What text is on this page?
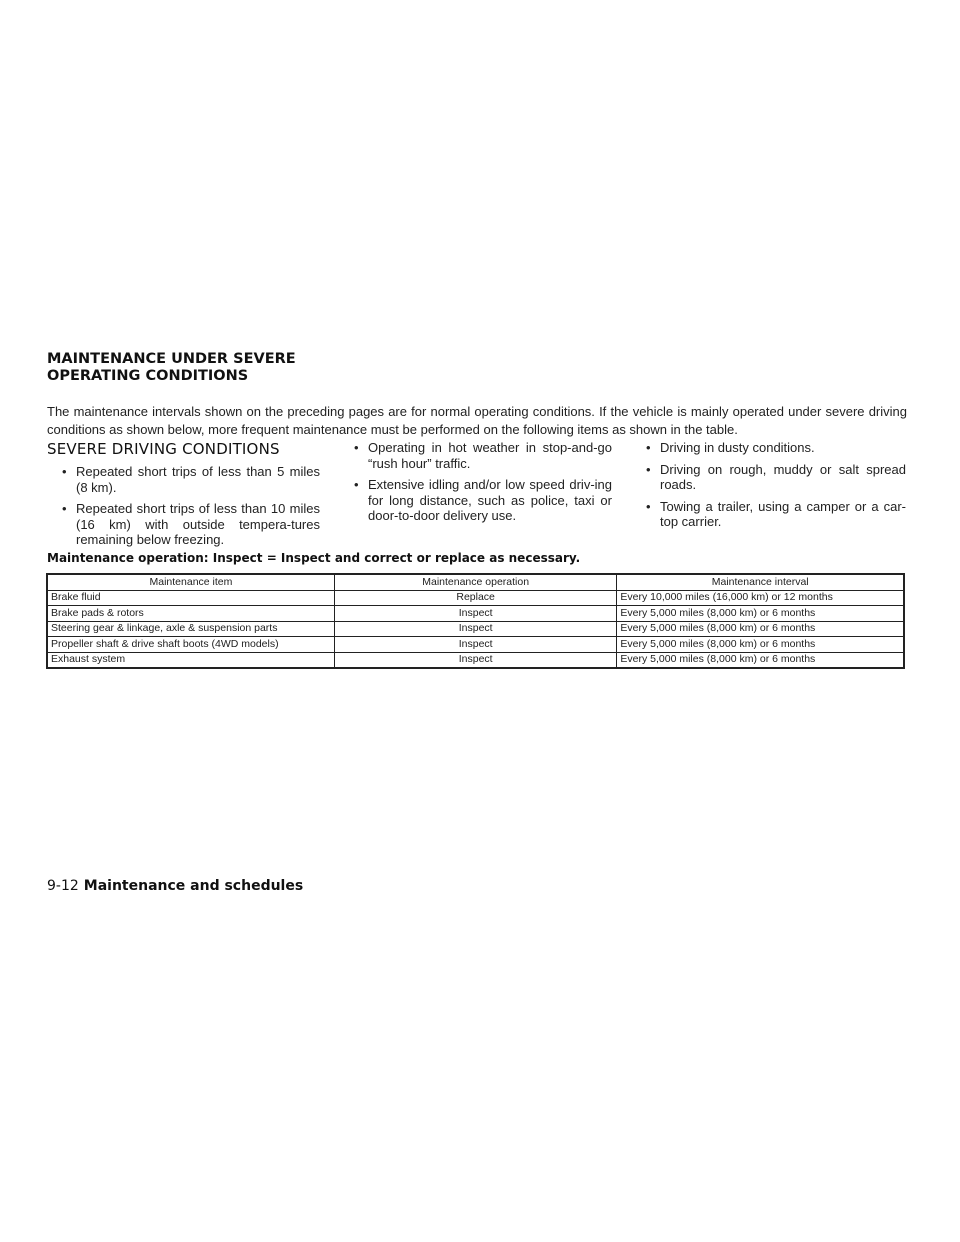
MAINTENANCE UNDER SEVERE
OPERATING CONDITIONS

The maintenance intervals shown on the preceding pages are for normal operating conditions. If the vehicle is mainly operated under severe driving conditions as shown below, more frequent maintenance must be performed on the following items as shown in the table.

SEVERE DRIVING CONDITIONS
• Repeated short trips of less than 5 miles (8 km).
• Repeated short trips of less than 10 miles (16 km) with outside tempera-tures remaining below freezing.
• Operating in hot weather in stop-and-go “rush hour” traffic.
• Extensive idling and/or low speed driv-ing for long distance, such as police, taxi or door-to-door delivery use.
• Driving in dusty conditions.
• Driving on rough, muddy or salt spread roads.
• Towing a trailer, using a camper or a car-top carrier.

Maintenance operation: Inspect = Inspect and correct or replace as necessary.

Maintenance item	Maintenance operation	Maintenance interval
Brake fluid	Replace	Every 10,000 miles (16,000 km) or 12 months
Brake pads & rotors	Inspect	Every 5,000 miles (8,000 km) or 6 months
Steering gear & linkage, axle & suspension parts	Inspect	Every 5,000 miles (8,000 km) or 6 months
Propeller shaft & drive shaft boots (4WD models)	Inspect	Every 5,000 miles (8,000 km) or 6 months
Exhaust system	Inspect	Every 5,000 miles (8,000 km) or 6 months

9-12 Maintenance and schedules
